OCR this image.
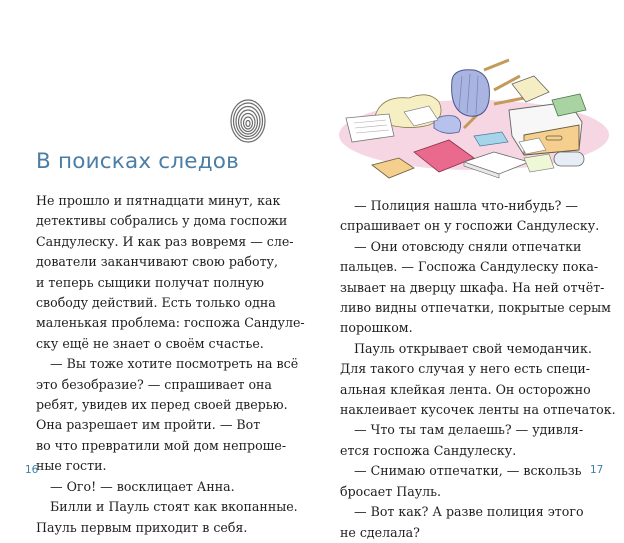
В поисках следов
Не прошло и пятнадцати минут, как
детективы собрались у дома госпожи
Сандулеску. И как раз вовремя — сле-
дователи заканчивают свою работу,
и теперь сыщики получат полную
свободу действий. Есть только одна
маленькая проблема: госпожа Сандуле-
ску ещё не знает о своём счастье.
— Вы тоже хотите посмотреть на всё
это безобразие? — спрашивает она
ребят, увидев их перед своей дверью.
Она разрешает им пройти. — Вот
во что превратили мой дом непроше-
ные гости.
— Ого! — восклицает Анна.
Билли и Пауль стоят как вкопанные.
Пауль первым приходит в себя.
16
— Полиция нашла что-нибудь? —
спрашивает он у госпожи Сандулеску.
— Они отовсюду сняли отпечатки
пальцев. — Госпожа Сандулеску пока-
зывает на дверцу шкафа. На ней отчёт-
ливо видны отпечатки, покрытые серым
порошком.
Пауль открывает свой чемоданчик.
Для такого случая у него есть специ-
альная клейкая лента. Он осторожно
наклеивает кусочек ленты на отпечаток.
— Что ты там делаешь? — удивля-
ется госпожа Сандулеску.
— Снимаю отпечатки, — вскользь
бросает Пауль.
— Вот как? А разве полиция этого
не сделала?
17
